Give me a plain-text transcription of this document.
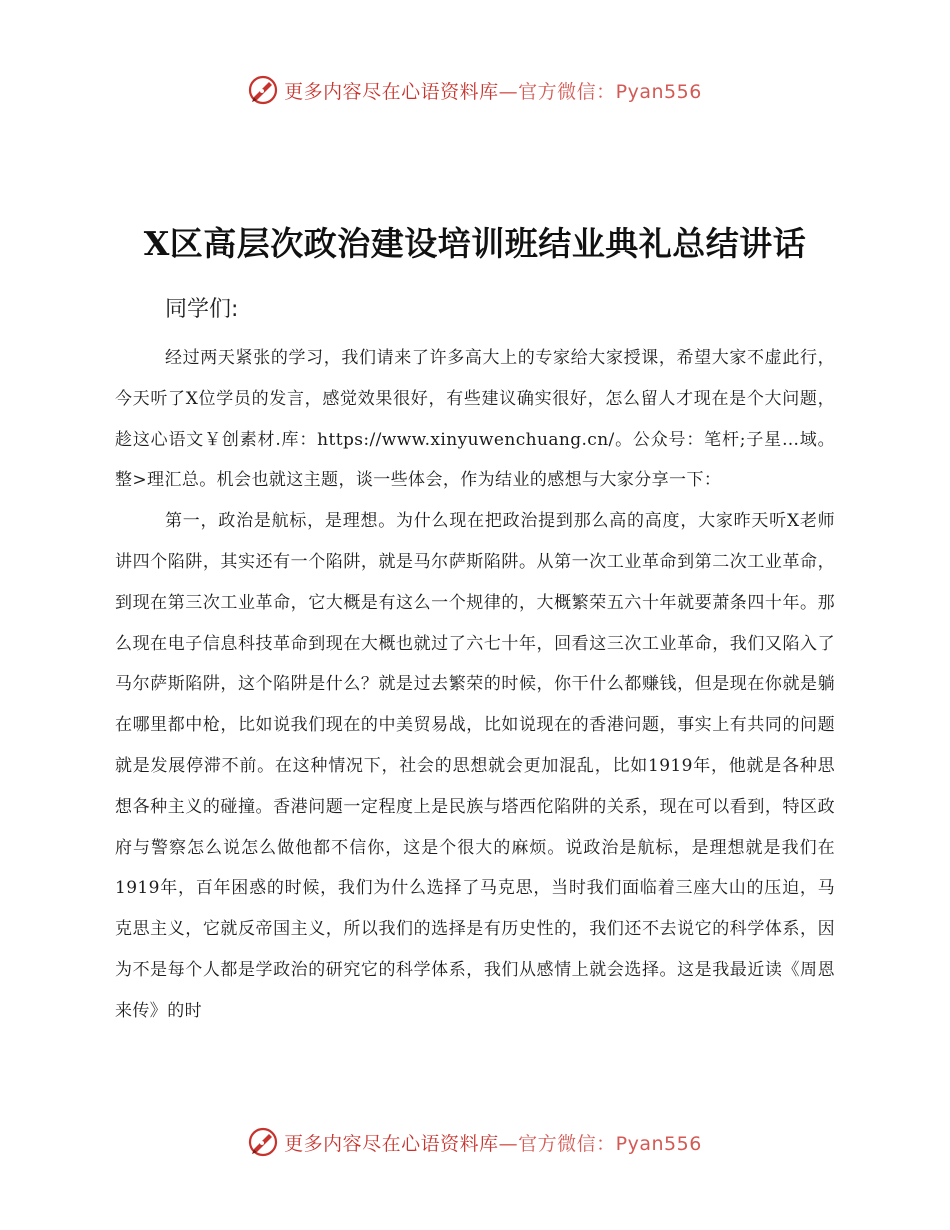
更多内容尽在心语资料库—官方微信：Pyan556
X区高层次政治建设培训班结业典礼总结讲话
同学们:

经过两天紧张的学习，我们请来了许多高大上的专家给大家授课，希望大家不虚此行，今天听了X位学员的发言，感觉效果很好，有些建议确实很好，怎么留人才现在是个大问题，趁这心语文￥创素材.库：https://www.xinyuwenchuang.cn/。公众号：笔杆;子星…域。整>理汇总。机会也就这主题，谈一些体会，作为结业的感想与大家分享一下：

第一，政治是航标，是理想。为什么现在把政治提到那么高的高度，大家昨天听X老师讲四个陷阱，其实还有一个陷阱，就是马尔萨斯陷阱。从第一次工业革命到第二次工业革命，到现在第三次工业革命，它大概是有这么一个规律的，大概繁荣五六十年就要萧条四十年。那么现在电子信息科技革命到现在大概也就过了六七十年，回看这三次工业革命，我们又陷入了马尔萨斯陷阱，这个陷阱是什么？就是过去繁荣的时候，你干什么都赚钱，但是现在你就是躺在哪里都中枪，比如说我们现在的中美贸易战，比如说现在的香港问题，事实上有共同的问题就是发展停滞不前。在这种情况下，社会的思想就会更加混乱，比如1919年，他就是各种思想各种主义的碰撞。香港问题一定程度上是民族与塔西佗陷阱的关系，现在可以看到，特区政府与警察怎么说怎么做他都不信你，这是个很大的麻烦。说政治是航标，是理想就是我们在1919年，百年困惑的时候，我们为什么选择了马克思，当时我们面临着三座大山的压迫，马克思主义，它就反帝国主义，所以我们的选择是有历史性的，我们还不去说它的科学体系，因为不是每个人都是学政治的研究它的科学体系，我们从感情上就会选择。这是我最近读《周恩来传》的时

更多内容尽在心语资料库—官方微信：Pyan556
